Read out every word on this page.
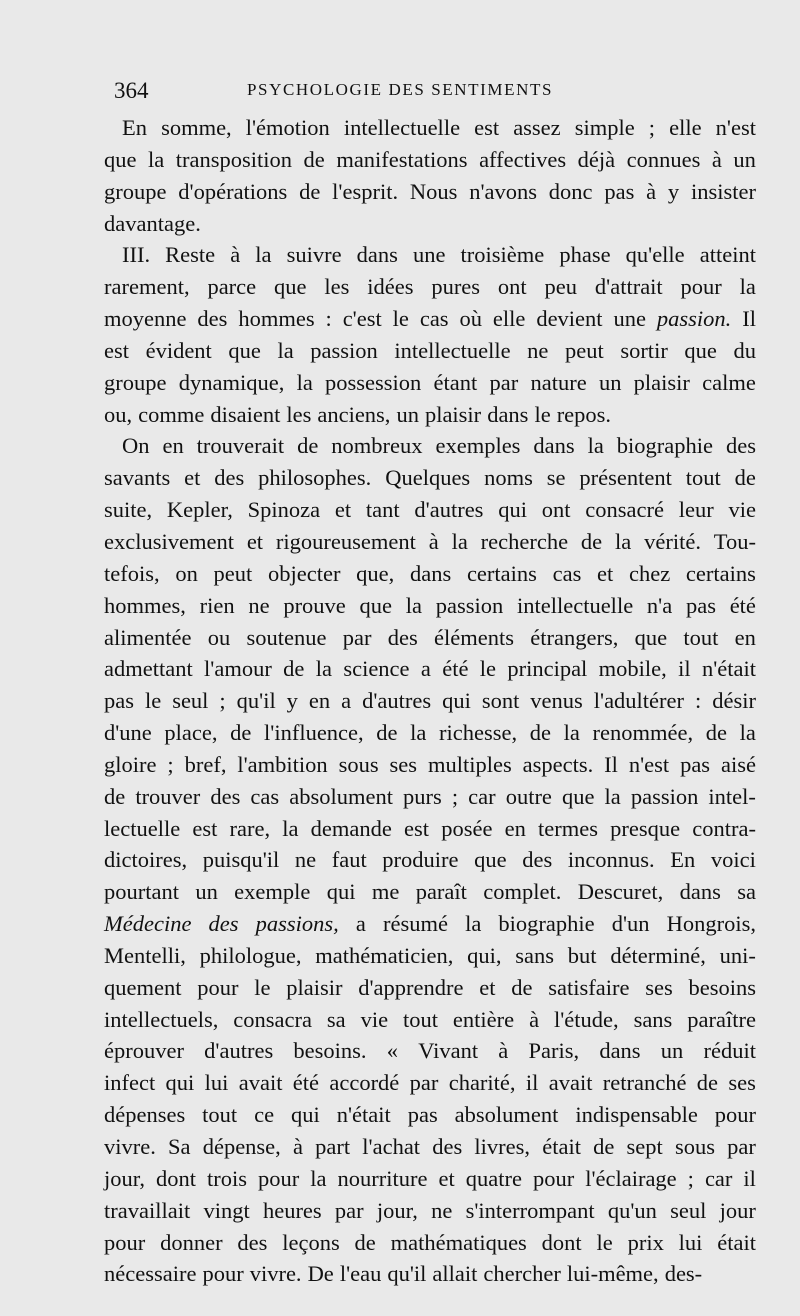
364	PSYCHOLOGIE DES SENTIMENTS
En somme, l'émotion intellectuelle est assez simple ; elle n'est
que la transposition de manifestations affectives déjà connues à un
groupe d'opérations de l'esprit. Nous n'avons donc pas à y insister
davantage.
III. Reste à la suivre dans une troisième phase qu'elle atteint
rarement, parce que les idées pures ont peu d'attrait pour la
moyenne des hommes : c'est le cas où elle devient une passion. Il
est évident que la passion intellectuelle ne peut sortir que du
groupe dynamique, la possession étant par nature un plaisir calme
ou, comme disaient les anciens, un plaisir dans le repos.
On en trouverait de nombreux exemples dans la biographie des
savants et des philosophes. Quelques noms se présentent tout de
suite, Kepler, Spinoza et tant d'autres qui ont consacré leur vie
exclusivement et rigoureusement à la recherche de la vérité. Tou-
tefois, on peut objecter que, dans certains cas et chez certains
hommes, rien ne prouve que la passion intellectuelle n'a pas été
alimentée ou soutenue par des éléments étrangers, que tout en
admettant l'amour de la science a été le principal mobile, il n'était
pas le seul ; qu'il y en a d'autres qui sont venus l'adultérer : désir
d'une place, de l'influence, de la richesse, de la renommée, de la
gloire ; bref, l'ambition sous ses multiples aspects. Il n'est pas aisé
de trouver des cas absolument purs ; car outre que la passion intel-
lectuelle est rare, la demande est posée en termes presque contra-
dictoires, puisqu'il ne faut produire que des inconnus. En voici
pourtant un exemple qui me paraît complet. Descuret, dans sa
Médecine des passions, a résumé la biographie d'un Hongrois,
Mentelli, philologue, mathématicien, qui, sans but déterminé, uni-
quement pour le plaisir d'apprendre et de satisfaire ses besoins
intellectuels, consacra sa vie tout entière à l'étude, sans paraître
éprouver d'autres besoins. « Vivant à Paris, dans un réduit
infect qui lui avait été accordé par charité, il avait retranché de ses
dépenses tout ce qui n'était pas absolument indispensable pour
vivre. Sa dépense, à part l'achat des livres, était de sept sous par
jour, dont trois pour la nourriture et quatre pour l'éclairage ; car il
travaillait vingt heures par jour, ne s'interrompant qu'un seul jour
pour donner des leçons de mathématiques dont le prix lui était
nécessaire pour vivre. De l'eau qu'il allait chercher lui-même, des-
